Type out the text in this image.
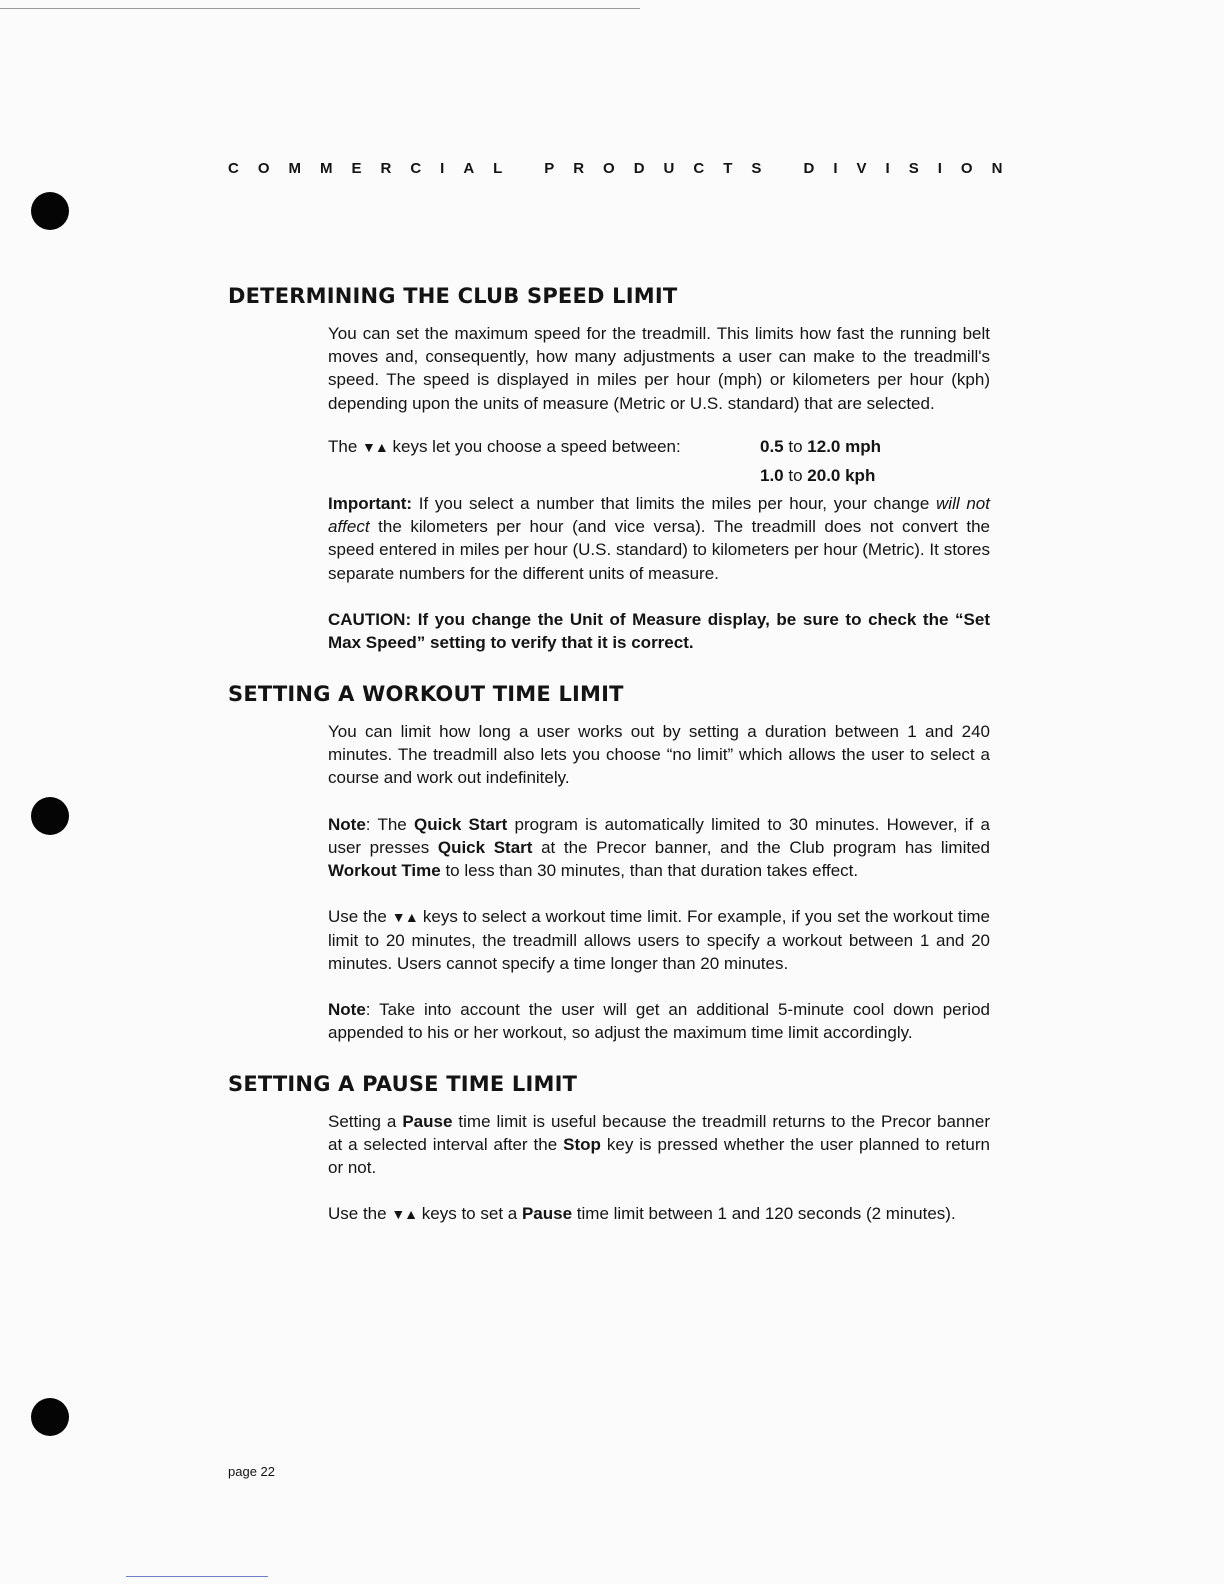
COMMERCIAL PRODUCTS DIVISION
DETERMINING THE CLUB SPEED LIMIT

You can set the maximum speed for the treadmill. This limits how fast the running belt moves and, consequently, how many adjustments a user can make to the treadmill's speed. The speed is displayed in miles per hour (mph) or kilometers per hour (kph) depending upon the units of measure (Metric or U.S. standard) that are selected.

The ▼▲ keys let you choose a speed between:	0.5 to 12.0 mph
1.0 to 20.0 kph

Important: If you select a number that limits the miles per hour, your change will not affect the kilometers per hour (and vice versa). The treadmill does not convert the speed entered in miles per hour (U.S. standard) to kilometers per hour (Metric). It stores separate numbers for the different units of measure.

CAUTION: If you change the Unit of Measure display, be sure to check the “Set Max Speed” setting to verify that it is correct.

SETTING A WORKOUT TIME LIMIT

You can limit how long a user works out by setting a duration between 1 and 240 minutes. The treadmill also lets you choose “no limit” which allows the user to select a course and work out indefinitely.

Note: The Quick Start program is automatically limited to 30 minutes. However, if a user presses Quick Start at the Precor banner, and the Club program has limited Workout Time to less than 30 minutes, than that duration takes effect.

Use the ▼▲ keys to select a workout time limit. For example, if you set the workout time limit to 20 minutes, the treadmill allows users to specify a workout between 1 and 20 minutes. Users cannot specify a time longer than 20 minutes.

Note: Take into account the user will get an additional 5-minute cool down period appended to his or her workout, so adjust the maximum time limit accordingly.

SETTING A PAUSE TIME LIMIT

Setting a Pause time limit is useful because the treadmill returns to the Precor banner at a selected interval after the Stop key is pressed whether the user planned to return or not.

Use the ▼▲ keys to set a Pause time limit between 1 and 120 seconds (2 minutes).

page 22
